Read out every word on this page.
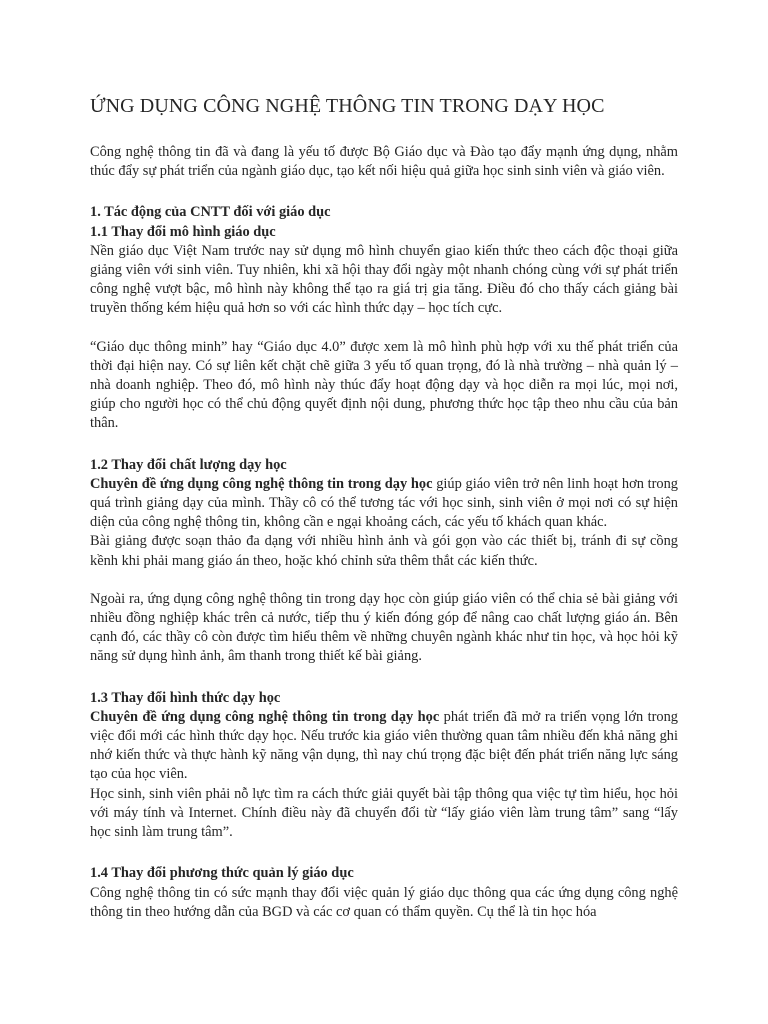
ỨNG DỤNG CÔNG NGHỆ THÔNG TIN TRONG DẠY HỌC

Công nghệ thông tin đã và đang là yếu tố được Bộ Giáo dục và Đào tạo đẩy mạnh ứng dụng, nhằm thúc đẩy sự phát triển của ngành giáo dục, tạo kết nối hiệu quả giữa học sinh sinh viên và giáo viên.

1. Tác động của CNTT đối với giáo dục

1.1 Thay đổi mô hình giáo dục

Nền giáo dục Việt Nam trước nay sử dụng mô hình chuyển giao kiến thức theo cách độc thoại giữa giảng viên với sinh viên. Tuy nhiên, khi xã hội thay đổi ngày một nhanh chóng cùng với sự phát triển công nghệ vượt bậc, mô hình này không thể tạo ra giá trị gia tăng. Điều đó cho thấy cách giảng bài truyền thống kém hiệu quả hơn so với các hình thức dạy – học tích cực.

“Giáo dục thông minh” hay “Giáo dục 4.0” được xem là mô hình phù hợp với xu thế phát triển của thời đại hiện nay. Có sự liên kết chặt chẽ giữa 3 yếu tố quan trọng, đó là nhà trường – nhà quản lý – nhà doanh nghiệp. Theo đó, mô hình này thúc đẩy hoạt động dạy và học diễn ra mọi lúc, mọi nơi, giúp cho người học có thể chủ động quyết định nội dung, phương thức học tập theo nhu cầu của bản thân.

1.2 Thay đổi chất lượng dạy học

Chuyên đề ứng dụng công nghệ thông tin trong dạy học giúp giáo viên trở nên linh hoạt hơn trong quá trình giảng dạy của mình. Thầy cô có thể tương tác với học sinh, sinh viên ở mọi nơi có sự hiện diện của công nghệ thông tin, không cần e ngại khoảng cách, các yếu tố khách quan khác.

Bài giảng được soạn thảo đa dạng với nhiều hình ảnh và gói gọn vào các thiết bị, tránh đi sự cồng kềnh khi phải mang giáo án theo, hoặc khó chỉnh sửa thêm thắt các kiến thức.

Ngoài ra, ứng dụng công nghệ thông tin trong dạy học còn giúp giáo viên có thể chia sẻ bài giảng với nhiều đồng nghiệp khác trên cả nước, tiếp thu ý kiến đóng góp để nâng cao chất lượng giáo án. Bên cạnh đó, các thầy cô còn được tìm hiểu thêm về những chuyên ngành khác như tin học, và học hỏi kỹ năng sử dụng hình ảnh, âm thanh trong thiết kế bài giảng.

1.3 Thay đổi hình thức dạy học

Chuyên đề ứng dụng công nghệ thông tin trong dạy học phát triển đã mở ra triển vọng lớn trong việc đổi mới các hình thức dạy học. Nếu trước kia giáo viên thường quan tâm nhiều đến khả năng ghi nhớ kiến thức và thực hành kỹ năng vận dụng, thì nay chú trọng đặc biệt đến phát triển năng lực sáng tạo của học viên.

Học sinh, sinh viên phải nỗ lực tìm ra cách thức giải quyết bài tập thông qua việc tự tìm hiểu, học hỏi với máy tính và Internet. Chính điều này đã chuyển đổi từ “lấy giáo viên làm trung tâm” sang “lấy học sinh làm trung tâm”.

1.4 Thay đổi phương thức quản lý giáo dục

Công nghệ thông tin có sức mạnh thay đổi việc quản lý giáo dục thông qua các ứng dụng công nghệ thông tin theo hướng dẫn của BGD và các cơ quan có thẩm quyền. Cụ thể là tin học hóa
